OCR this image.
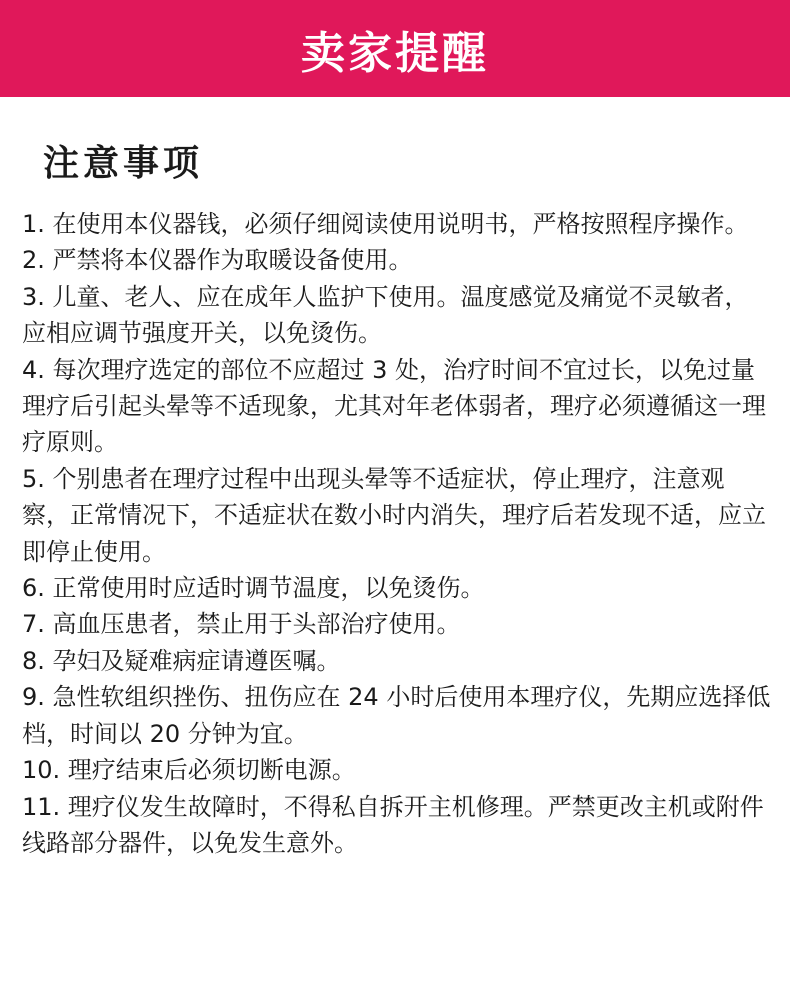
卖家提醒
注意事项
1. 在使用本仪器钱，必须仔细阅读使用说明书，严格按照程序操作。
2. 严禁将本仪器作为取暖设备使用。
3. 儿童、老人、应在成年人监护下使用。温度感觉及痛觉不灵敏者，应相应调节强度开关，以免烫伤。
4. 每次理疗选定的部位不应超过 3 处，治疗时间不宜过长，以免过量理疗后引起头晕等不适现象，尤其对年老体弱者，理疗必须遵循这一理疗原则。
5. 个别患者在理疗过程中出现头晕等不适症状，停止理疗，注意观察，正常情况下，不适症状在数小时内消失，理疗后若发现不适，应立即停止使用。
6. 正常使用时应适时调节温度，以免烫伤。
7. 高血压患者，禁止用于头部治疗使用。
8. 孕妇及疑难病症请遵医嘱。
9. 急性软组织挫伤、扭伤应在 24 小时后使用本理疗仪，先期应选择低档，时间以 20 分钟为宜。
10. 理疗结束后必须切断电源。
11. 理疗仪发生故障时，不得私自拆开主机修理。严禁更改主机或附件线路部分器件，以免发生意外。
